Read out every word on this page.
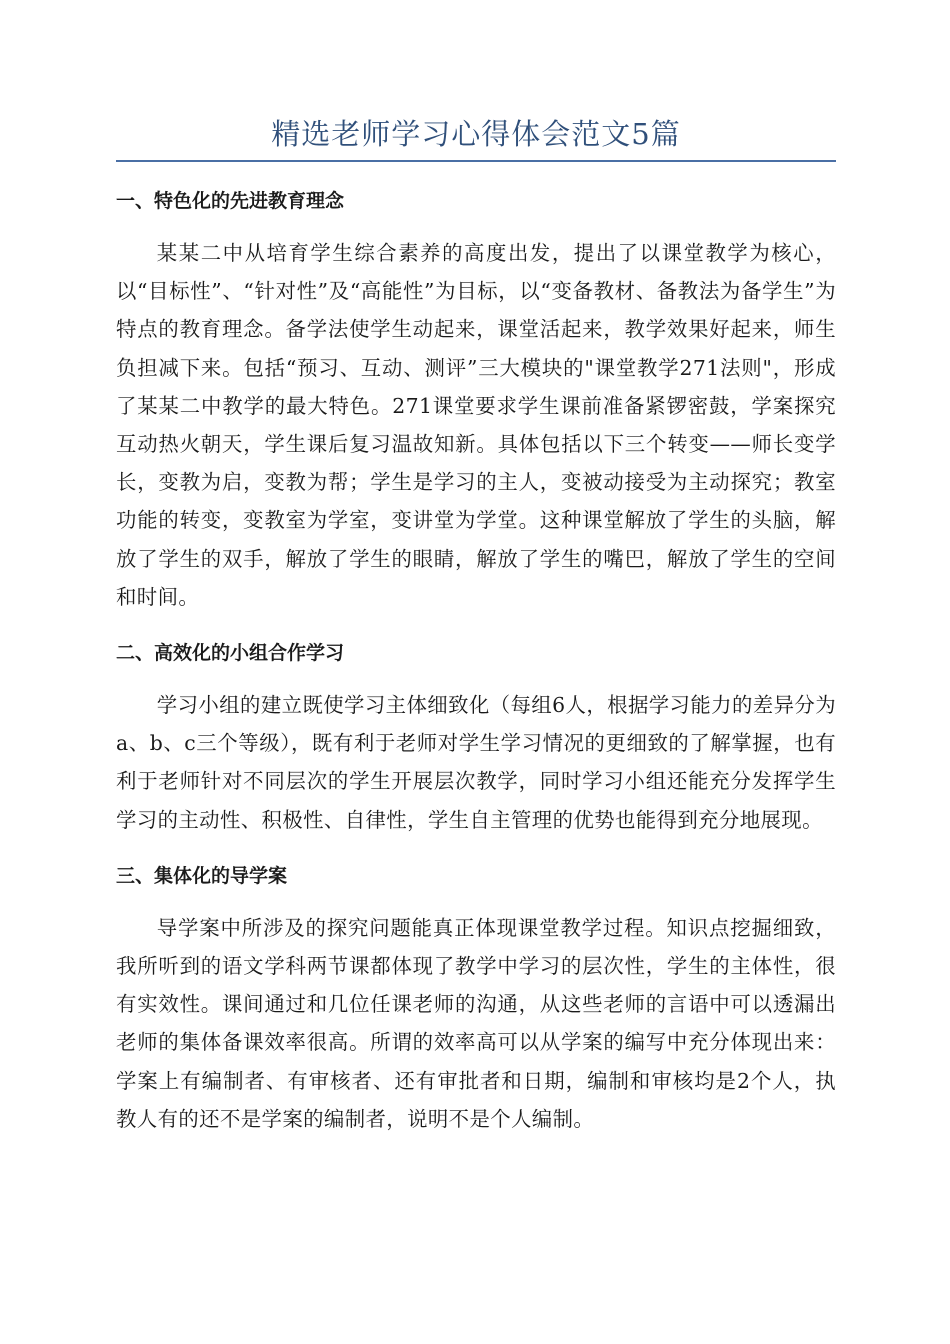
精选老师学习心得体会范文5篇
一、特色化的先进教育理念

某某二中从培育学生综合素养的高度出发，提出了以课堂教学为核心，以“目标性”、“针对性”及“高能性”为目标，以“变备教材、备教法为备学生”为特点的教育理念。备学法使学生动起来，课堂活起来，教学效果好起来，师生负担减下来。包括“预习、互动、测评”三大模块的"课堂教学271法则"，形成了某某二中教学的最大特色。271课堂要求学生课前准备紧锣密鼓，学案探究互动热火朝天，学生课后复习温故知新。具体包括以下三个转变——师长变学长，变教为启，变教为帮；学生是学习的主人，变被动接受为主动探究；教室功能的转变，变教室为学室，变讲堂为学堂。这种课堂解放了学生的头脑，解放了学生的双手，解放了学生的眼睛，解放了学生的嘴巴，解放了学生的空间和时间。

二、高效化的小组合作学习

学习小组的建立既使学习主体细致化（每组6人，根据学习能力的差异分为a、b、c三个等级），既有利于老师对学生学习情况的更细致的了解掌握，也有利于老师针对不同层次的学生开展层次教学，同时学习小组还能充分发挥学生学习的主动性、积极性、自律性，学生自主管理的优势也能得到充分地展现。

三、集体化的导学案

导学案中所涉及的探究问题能真正体现课堂教学过程。知识点挖掘细致，我所听到的语文学科两节课都体现了教学中学习的层次性，学生的主体性，很有实效性。课间通过和几位任课老师的沟通，从这些老师的言语中可以透漏出老师的集体备课效率很高。所谓的效率高可以从学案的编写中充分体现出来：学案上有编制者、有审核者、还有审批者和日期，编制和审核均是2个人，执教人有的还不是学案的编制者，说明不是个人编制。
